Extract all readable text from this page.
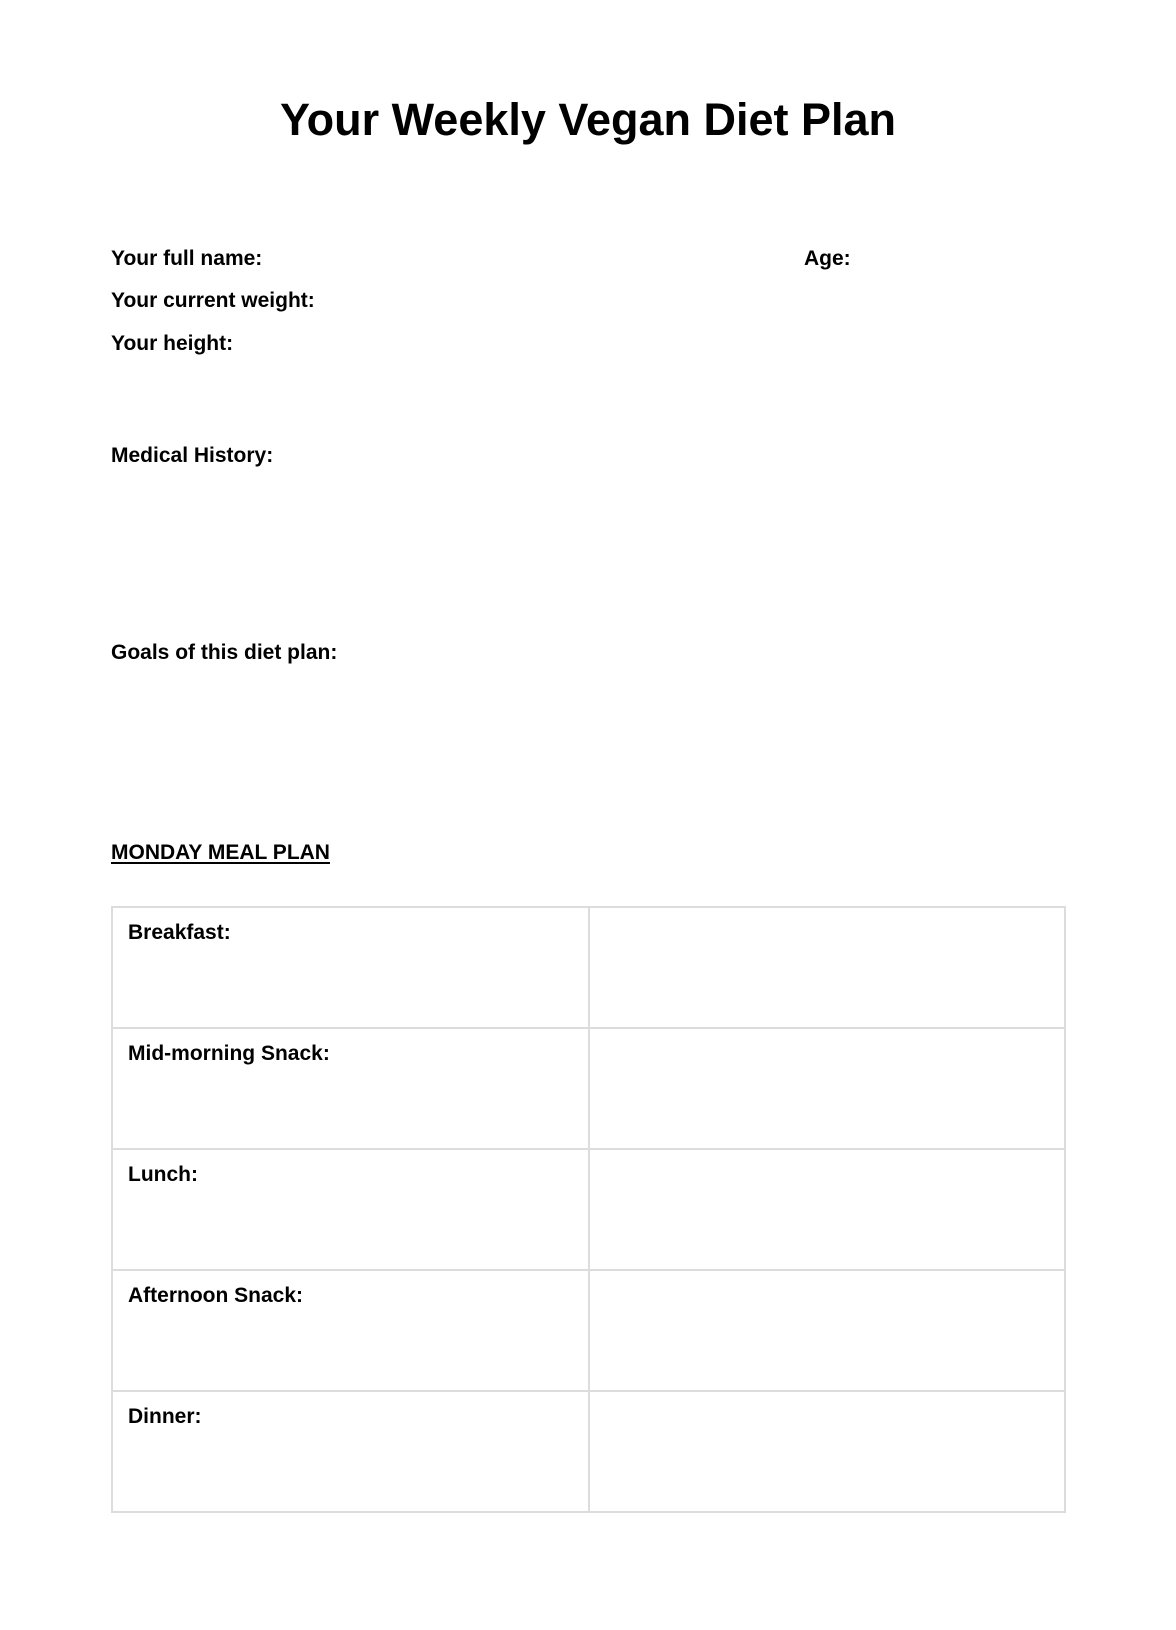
Your Weekly Vegan Diet Plan
Your full name:	Age:
Your current weight:
Your height:
Medical History:
Goals of this diet plan:
MONDAY MEAL PLAN
Breakfast:	

Mid-morning Snack:	

Lunch:	

Afternoon Snack:	

Dinner:	
